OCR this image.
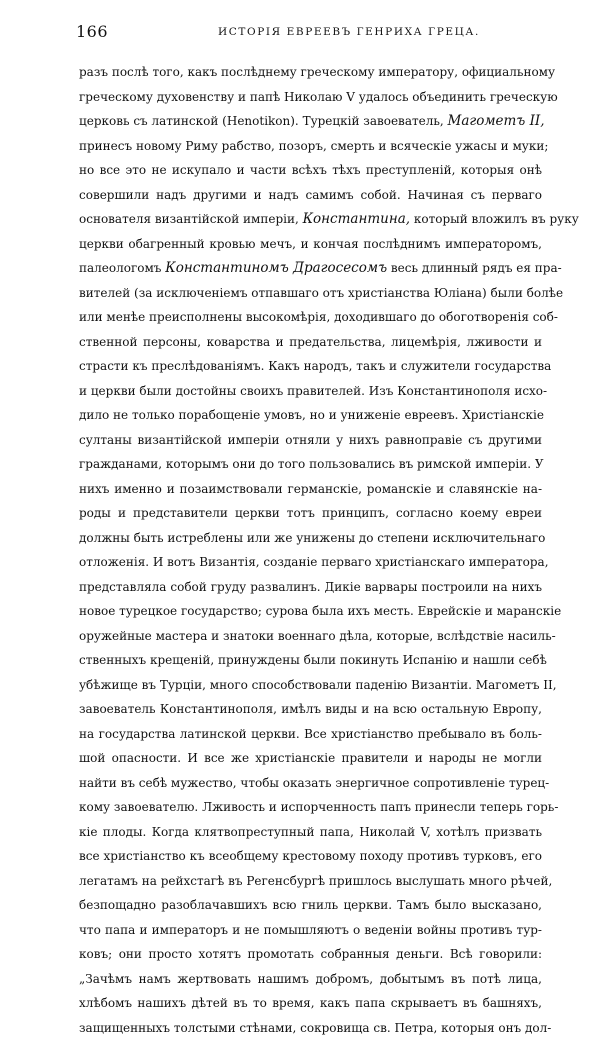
166	ИСТОРІЯ ЕВРЕЕВЪ ГЕНРИХА ГРЕЦА.
разъ послѣ того, какъ послѣднему греческому императору, официальному
греческому духовенству и папѣ Николаю V удалось объединить греческую
церковь съ латинской (Henotikon). Турецкій завоеватель, Магометъ II,
принесъ новому Риму рабство, позоръ, смерть и всяческіе ужасы и муки;
но все это не искупало и части всѣхъ тѣхъ преступленій, которыя онѣ
совершили надъ другими и надъ самимъ собой. Начиная съ перваго
основателя византійской имперіи, Константина, который вложилъ въ руку
церкви обагренный кровью мечъ, и кончая послѣднимъ императоромъ,
палеологомъ Константиномъ Драгосесомъ весь длинный рядъ ея пра-
вителей (за исключеніемъ отпавшаго отъ христіанства Юліана) были болѣе
или менѣе преисполнены высокомѣрія, доходившаго до обоготворенія соб-
ственной персоны, коварства и предательства, лицемѣрія, лживости и
страсти къ преслѣдованіямъ. Какъ народъ, такъ и служители государства
и церкви были достойны своихъ правителей. Изъ Константинополя исхо-
дило не только порабощеніе умовъ, но и униженіе евреевъ. Христіанскіе
султаны византійской имперіи отняли у нихъ равноправіе съ другими
гражданами, которымъ они до того пользовались въ римской имперіи. У
нихъ именно и позаимствовали германскіе, романскіе и славянскіе на-
роды и представители церкви тотъ принципъ, согласно коему евреи
должны быть истреблены или же унижены до степени исключительнаго
отложенія. И вотъ Византія, созданіе перваго христіанскаго императора,
представляла собой груду развалинъ. Дикіе варвары построили на нихъ
новое турецкое государство; сурова была ихъ месть. Еврейскіе и маранскіе
оружейные мастера и знатоки военнаго дѣла, которые, вслѣдствіе насиль-
ственныхъ крещеній, принуждены были покинуть Испанію и нашли себѣ
убѣжище въ Турціи, много способствовали паденію Византіи. Магометъ II,
завоеватель Константинополя, имѣлъ виды и на всю остальную Европу,
на государства латинской церкви. Все христіанство пребывало въ боль-
шой опасности. И все же христіанскіе правители и народы не могли
найти въ себѣ мужество, чтобы оказать энергичное сопротивленіе турец-
кому завоевателю. Лживость и испорченность папъ принесли теперь горь-
кіе плоды. Когда клятвопреступный папа, Николай V, хотѣлъ призвать
все христіанство къ всеобщему крестовому походу противъ турковъ, его
легатамъ на рейхстагѣ въ Регенсбургѣ пришлось выслушать много рѣчей,
безпощадно разоблачавшихъ всю гниль церкви. Тамъ было высказано,
что папа и императоръ и не помышляютъ о веденіи войны противъ тур-
ковъ; они просто хотятъ промотать собранныя деньги. Всѣ говорили:
„Зачѣмъ намъ жертвовать нашимъ добромъ, добытымъ въ потѣ лица,
хлѣбомъ нашихъ дѣтей въ то время, какъ папа скрываетъ въ башняхъ,
защищенныхъ толстыми стѣнами, сокровища св. Петра, которыя онъ дол-
